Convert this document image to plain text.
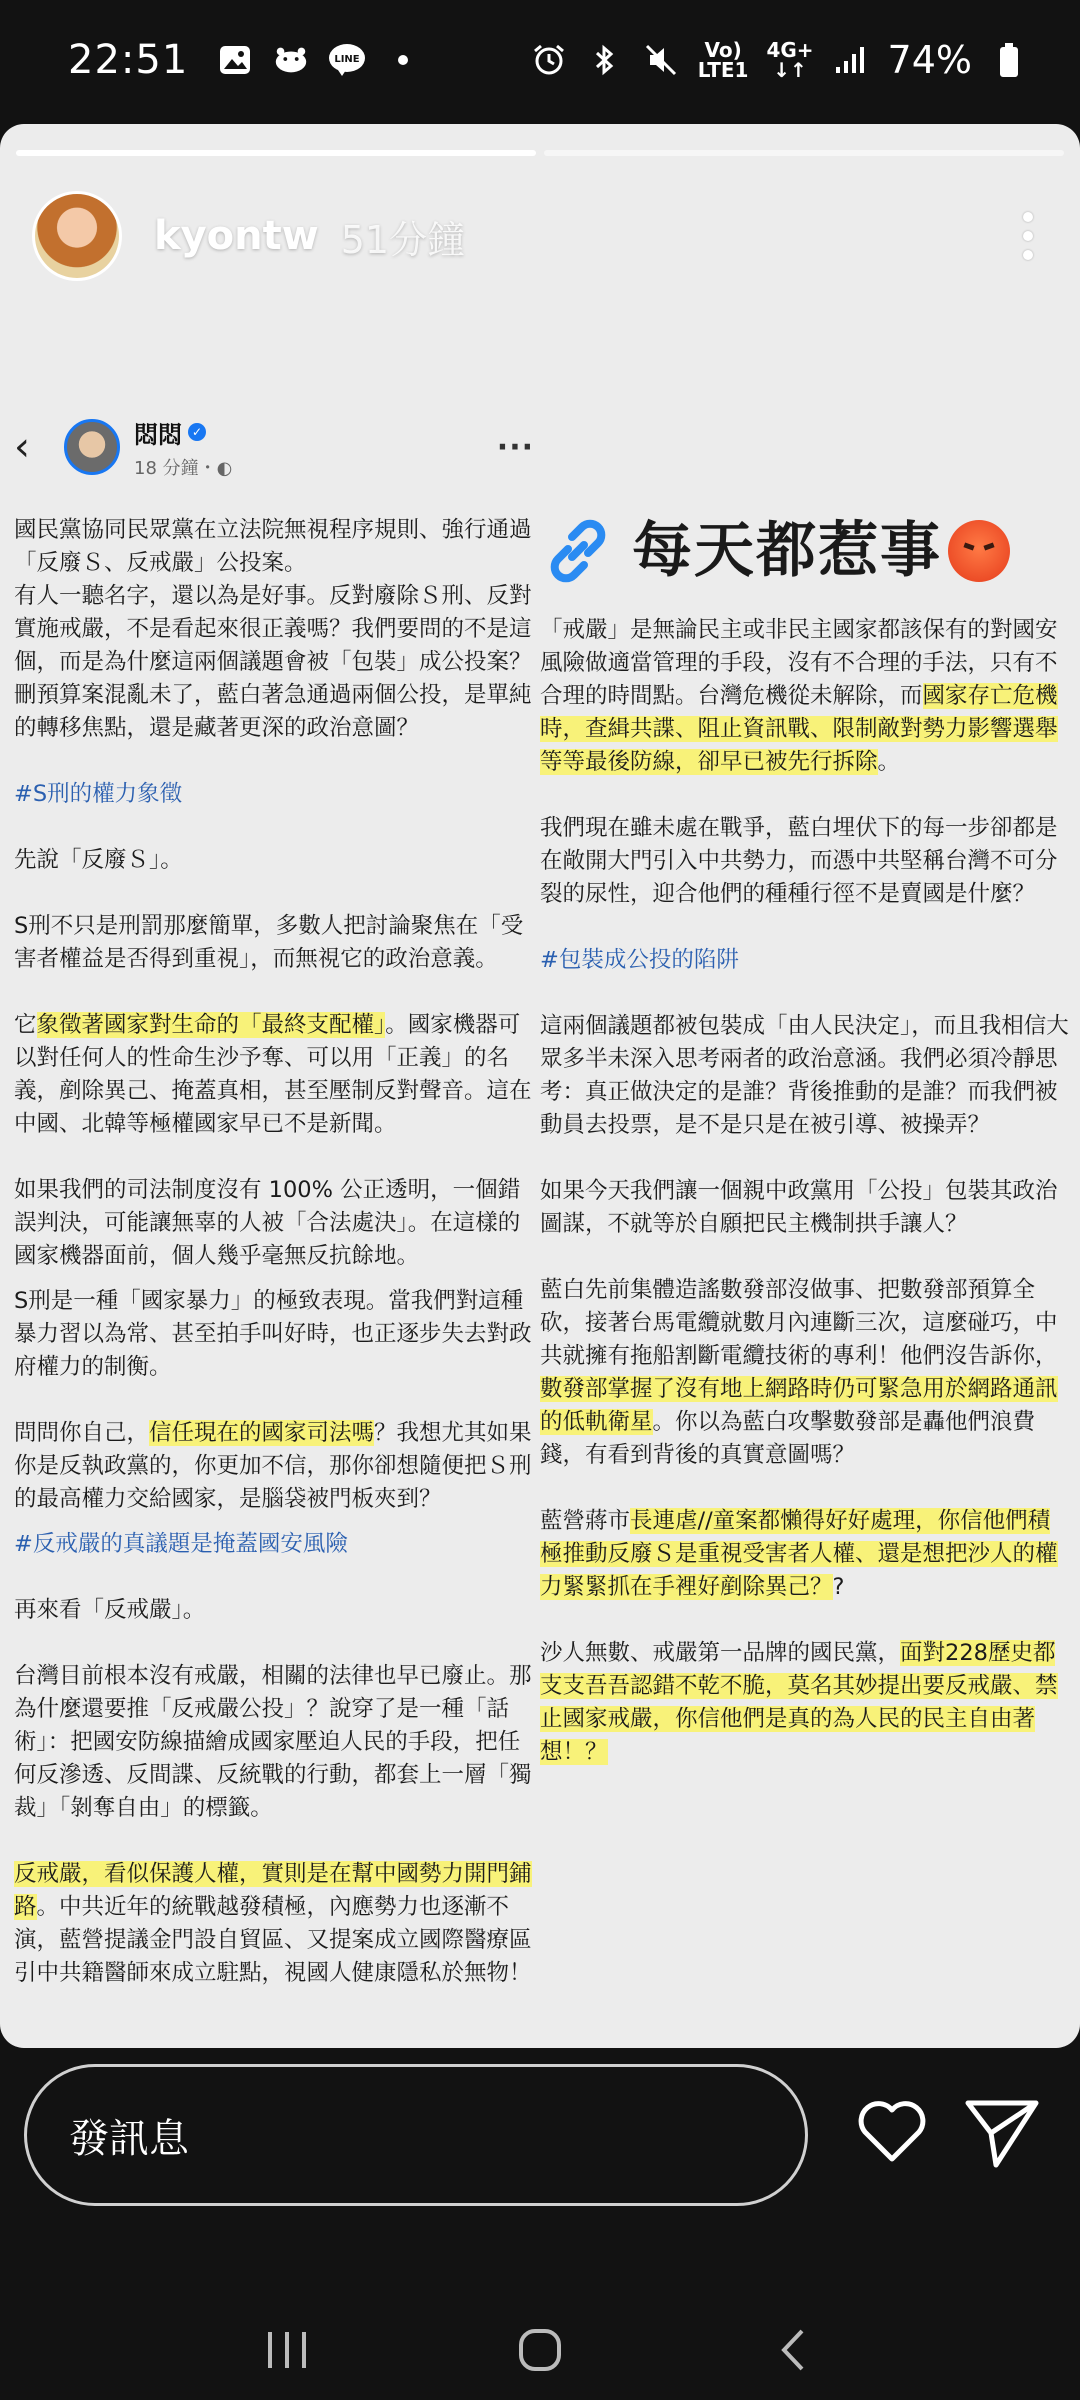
22:51	LINE	Vo)
LTE1
4G+
↓↑ 74%
kyontw 51分鐘
‹	悶悶 ✓
18 分鐘・◐
···

國民黨協同民眾黨在立法院無視程序規則、強行通過「反廢Ｓ、反戒嚴」公投案。

有人一聽名字，還以為是好事。反對廢除Ｓ刑、反對實施戒嚴，不是看起來很正義嗎？我們要問的不是這個，而是為什麼這兩個議題會被「包裝」成公投案？刪預算案混亂未了，藍白著急通過兩個公投，是單純的轉移焦點，還是藏著更深的政治意圖？

#S刑的權力象徵

先說「反廢Ｓ」。

S刑不只是刑罰那麼簡單，多數人把討論聚焦在「受害者權益是否得到重視」，而無視它的政治意義。

它象徵著國家對生命的「最終支配權」。國家機器可以對任何人的性命生沙予奪、可以用「正義」的名義，剷除異己、掩蓋真相，甚至壓制反對聲音。這在中國、北韓等極權國家早已不是新聞。

如果我們的司法制度沒有 100% 公正透明，一個錯誤判決，可能讓無辜的人被「合法處決」。在這樣的國家機器面前，個人幾乎毫無反抗餘地。

S刑是一種「國家暴力」的極致表現。當我們對這種暴力習以為常、甚至拍手叫好時，也正逐步失去對政府權力的制衡。

問問你自己，信任現在的國家司法嗎？我想尤其如果你是反執政黨的，你更加不信，那你卻想隨便把Ｓ刑的最高權力交給國家，是腦袋被門板夾到？

#反戒嚴的真議題是掩蓋國安風險

再來看「反戒嚴」。

台灣目前根本沒有戒嚴，相關的法律也早已廢止。那為什麼還要推「反戒嚴公投」？說穿了是一種「話術」：把國安防線描繪成國家壓迫人民的手段，把任何反滲透、反間諜、反統戰的行動，都套上一層「獨裁」「剝奪自由」的標籤。

反戒嚴，看似保護人權，實則是在幫中國勢力開門鋪路。中共近年的統戰越發積極，內應勢力也逐漸不演，藍營提議金門設自貿區、又提案成立國際醫療區引中共籍醫師來成立駐點，視國人健康隱私於無物！

每天都惹事

「戒嚴」是無論民主或非民主國家都該保有的對國安風險做適當管理的手段，沒有不合理的手法，只有不合理的時間點。台灣危機從未解除，而國家存亡危機時，查緝共諜、阻止資訊戰、限制敵對勢力影響選舉等等最後防線，卻早已被先行拆除。

我們現在雖未處在戰爭，藍白埋伏下的每一步卻都是在敞開大門引入中共勢力，而憑中共堅稱台灣不可分裂的尿性，迎合他們的種種行徑不是賣國是什麼？

#包裝成公投的陷阱

這兩個議題都被包裝成「由人民決定」，而且我相信大眾多半未深入思考兩者的政治意涵。我們必須冷靜思考：真正做決定的是誰？背後推動的是誰？而我們被動員去投票，是不是只是在被引導、被操弄？

如果今天我們讓一個親中政黨用「公投」包裝其政治圖謀，不就等於自願把民主機制拱手讓人？

藍白先前集體造謠數發部沒做事、把數發部預算全砍，接著台馬電纜就數月內連斷三次，這麼碰巧，中共就擁有拖船割斷電纜技術的專利！他們沒告訴你，數發部掌握了沒有地上網路時仍可緊急用於網路通訊的低軌衛星。你以為藍白攻擊數發部是轟他們浪費錢，有看到背後的真實意圖嗎？

藍營蔣市長連虐//童案都懶得好好處理，你信他們積極推動反廢Ｓ是重視受害者人權、還是想把沙人的權力緊緊抓在手裡好剷除異己？?

沙人無數、戒嚴第一品牌的國民黨，面對228歷史都支支吾吾認錯不乾不脆，莫名其妙提出要反戒嚴、禁止國家戒嚴，你信他們是真的為人民的民主自由著想！？

發訊息
